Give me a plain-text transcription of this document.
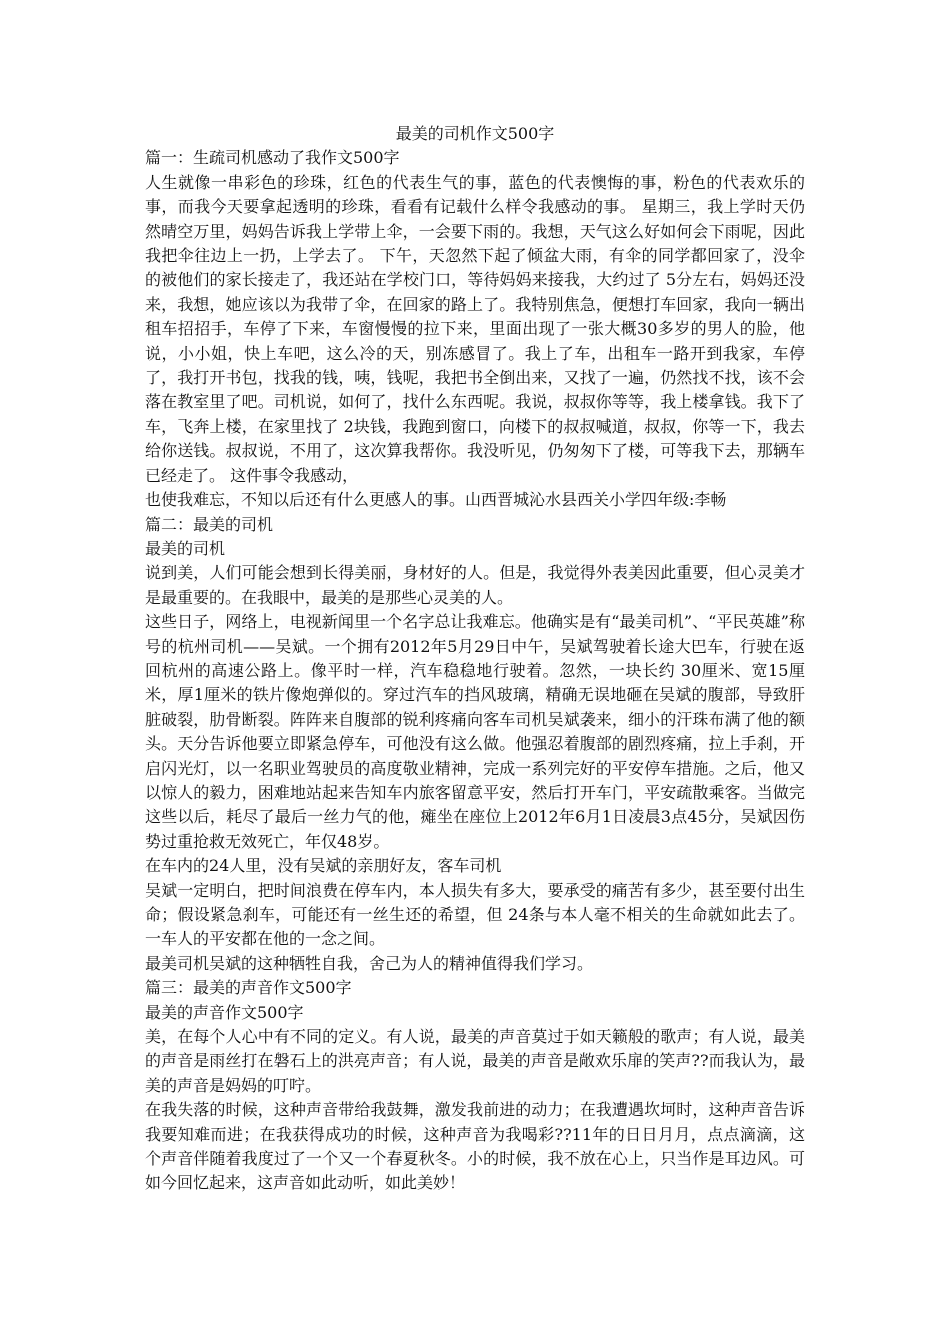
最美的司机作文500字

篇一：生疏司机感动了我作文500字

人生就像一串彩色的珍珠，红色的代表生气的事，蓝色的代表懊悔的事，粉色的代表欢乐的事，而我今天要拿起透明的珍珠，看看有记载什么样令我感动的事。 星期三，我上学时天仍然晴空万里，妈妈告诉我上学带上伞，一会要下雨的。我想，天气这么好如何会下雨呢，因此我把伞往边上一扔，上学去了。 下午，天忽然下起了倾盆大雨，有伞的同学都回家了，没伞的被他们的家长接走了，我还站在学校门口，等待妈妈来接我，大约过了 5分左右，妈妈还没来，我想，她应该以为我带了伞，在回家的路上了。我特别焦急，便想打车回家，我向一辆出租车招招手，车停了下来，车窗慢慢的拉下来，里面出现了一张大概30多岁的男人的脸，他说，小小姐，快上车吧，这么冷的天，别冻感冒了。我上了车，出租车一路开到我家，车停了，我打开书包，找我的钱，咦，钱呢，我把书全倒出来，又找了一遍，仍然找不找，该不会落在教室里了吧。司机说，如何了，找什么东西呢。我说，叔叔你等等，我上楼拿钱。我下了车，飞奔上楼，在家里找了 2块钱，我跑到窗口，向楼下的叔叔喊道，叔叔，你等一下，我去给你送钱。叔叔说，不用了，这次算我帮你。我没听见，仍匆匆下了楼，可等我下去，那辆车已经走了。 这件事令我感动，

也使我难忘，不知以后还有什么更感人的事。山西晋城沁水县西关小学四年级:李畅

篇二：最美的司机

最美的司机

说到美，人们可能会想到长得美丽，身材好的人。但是，我觉得外表美因此重要，但心灵美才是最重要的。在我眼中，最美的是那些心灵美的人。

这些日子，网络上，电视新闻里一个名字总让我难忘。他确实是有“最美司机”、“平民英雄”称号的杭州司机——吴斌。一个拥有2012年5月29日中午，吴斌驾驶着长途大巴车，行驶在返回杭州的高速公路上。像平时一样，汽车稳稳地行驶着。忽然，一块长约 30厘米、宽15厘米，厚1厘米的铁片像炮弹似的。穿过汽车的挡风玻璃，精确无误地砸在吴斌的腹部，导致肝脏破裂，肋骨断裂。阵阵来自腹部的锐利疼痛向客车司机吴斌袭来，细小的汗珠布满了他的额头。天分告诉他要立即紧急停车，可他没有这么做。他强忍着腹部的剧烈疼痛，拉上手刹，开启闪光灯，以一名职业驾驶员的高度敬业精神，完成一系列完好的平安停车措施。之后，他又以惊人的毅力，困难地站起来告知车内旅客留意平安，然后打开车门，平安疏散乘客。当做完这些以后，耗尽了最后一丝力气的他，瘫坐在座位上2012年6月1日凌晨3点45分，吴斌因伤势过重抢救无效死亡，年仅48岁。

在车内的24人里，没有吴斌的亲朋好友，客车司机

吴斌一定明白，把时间浪费在停车内，本人损失有多大，要承受的痛苦有多少，甚至要付出生命；假设紧急刹车，可能还有一丝生还的希望，但 24条与本人毫不相关的生命就如此去了。一车人的平安都在他的一念之间。

最美司机吴斌的这种牺牲自我，舍己为人的精神值得我们学习。

篇三：最美的声音作文500字

最美的声音作文500字

美，在每个人心中有不同的定义。有人说，最美的声音莫过于如天籁般的歌声；有人说，最美的声音是雨丝打在磐石上的洪亮声音；有人说，最美的声音是敞欢乐扉的笑声??而我认为，最美的声音是妈妈的叮咛。

在我失落的时候，这种声音带给我鼓舞，激发我前进的动力；在我遭遇坎坷时，这种声音告诉我要知难而进；在我获得成功的时候，这种声音为我喝彩??11年的日日月月，点点滴滴，这个声音伴随着我度过了一个又一个春夏秋冬。小的时候，我不放在心上，只当作是耳边风。可如今回忆起来，这声音如此动听，如此美妙！
